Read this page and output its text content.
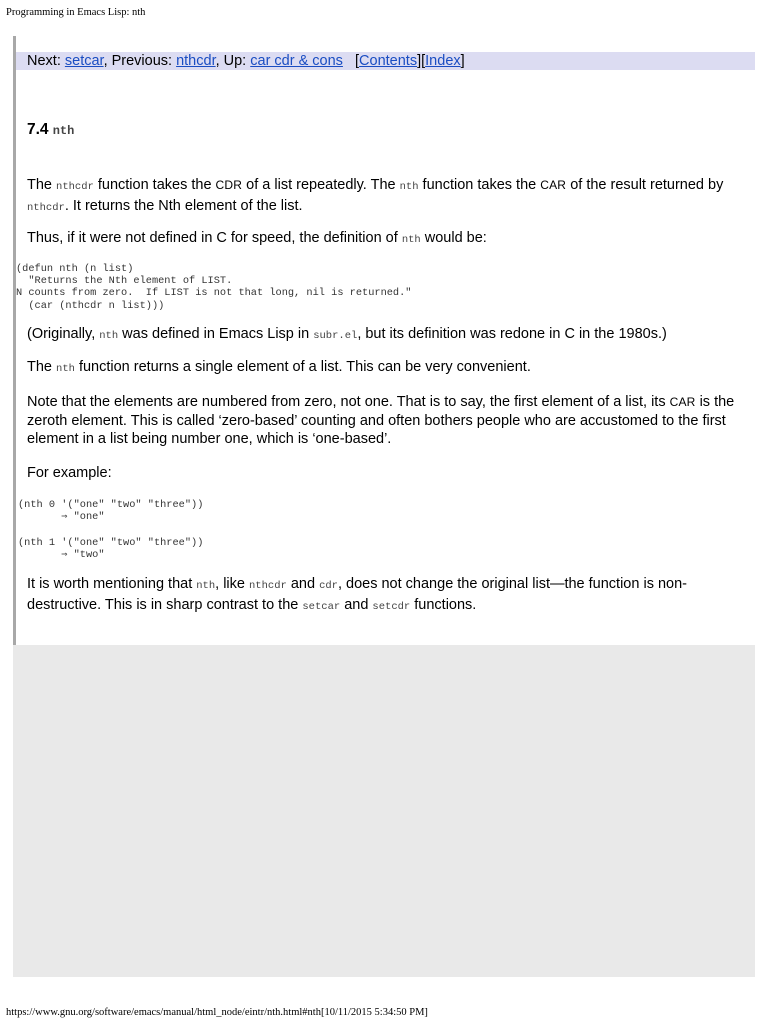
Programming in Emacs Lisp: nth
Next: setcar, Previous: nthcdr, Up: car cdr & cons [Contents][Index]
7.4 nth

The nthcdr function takes the CDR of a list repeatedly. The nth function takes the CAR of the result returned by nthcdr. It returns the Nth element of the list.

Thus, if it were not defined in C for speed, the definition of nth would be:

(defun nth (n list)
"Returns the Nth element of LIST.
N counts from zero.  If LIST is not that long, nil is returned."
(car (nthcdr n list)))

(Originally, nth was defined in Emacs Lisp in subr.el, but its definition was redone in C in the 1980s.)

The nth function returns a single element of a list. This can be very convenient.

Note that the elements are numbered from zero, not one. That is to say, the first element of a list, its CAR is the zeroth element. This is called ‘zero-based’ counting and often bothers people who are accustomed to the first element in a list being number one, which is ‘one-based’.

For example:

(nth 0 '("one" "two" "three"))
⇒ "one"
(nth 1 '("one" "two" "three"))
⇒ "two"

It is worth mentioning that nth, like nthcdr and cdr, does not change the original list—the function is non-destructive. This is in sharp contrast to the setcar and setcdr functions.

https://www.gnu.org/software/emacs/manual/html_node/eintr/nth.html#nth[10/11/2015 5:34:50 PM]
